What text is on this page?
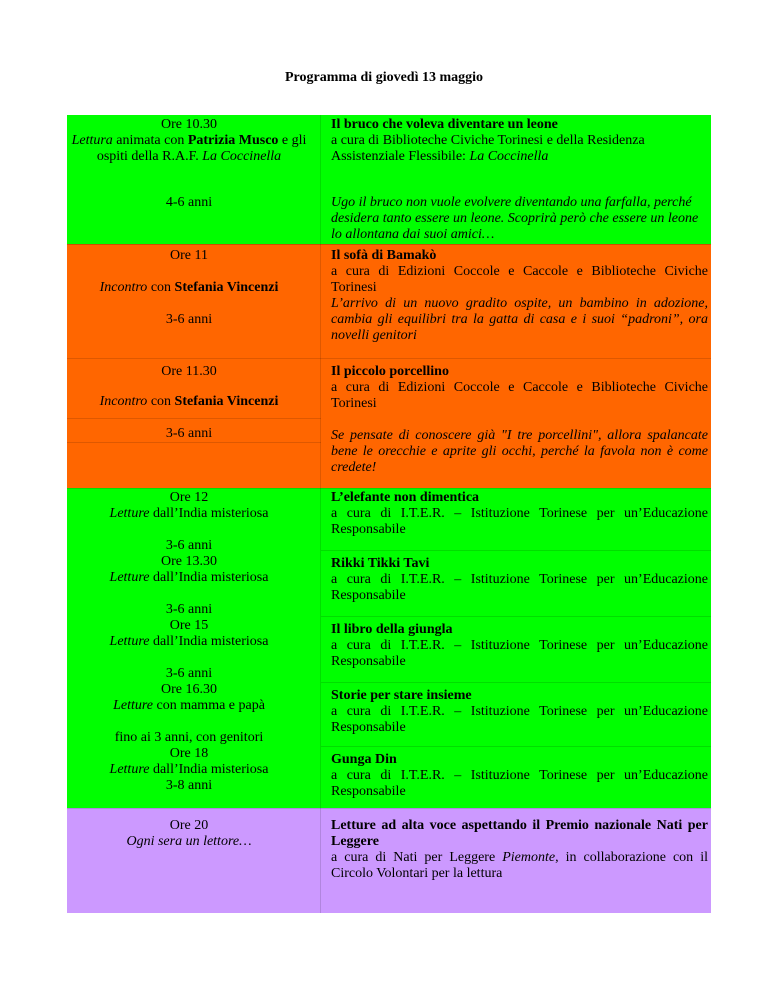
Programma di giovedì 13 maggio
Ore 10.30
Lettura animata con Patrizia Musco e gli ospiti della R.A.F. La Coccinella
4-6 anni
Il bruco che voleva diventare un leone
a cura di Biblioteche Civiche Torinesi e della Residenza Assistenziale Flessibile: La Coccinella
Ugo il bruco non vuole evolvere diventando una farfalla, perché desidera tanto essere un leone. Scoprirà però che essere un leone lo allontana dai suoi amici…
Ore 11
Incontro con Stefania Vincenzi
3-6 anni
Il sofà di Bamakò
a cura di Edizioni Coccole e Caccole e Biblioteche Civiche Torinesi
L’arrivo di un nuovo gradito ospite, un bambino in adozione, cambia gli equilibri tra la gatta di casa e i suoi “padroni”, ora novelli genitori
Ore 11.30
Incontro con Stefania Vincenzi
3-6 anni
Il piccolo porcellino
a cura di Edizioni Coccole e Caccole e Biblioteche Civiche Torinesi
Se pensate di conoscere già "I tre porcellini", allora spalancate bene le orecchie e aprite gli occhi, perché la favola non è come credete!
Ore 12
Letture dall’India misteriosa

3-6 anni
Ore 13.30
Letture dall’India misteriosa

3-6 anni
Ore 15
Letture dall’India misteriosa

3-6 anni
Ore 16.30
Letture con mamma e papà

fino ai 3 anni, con genitori
Ore 18
Letture dall’India misteriosa
3-8 anni
L’elefante non dimentica
a cura di I.T.E.R. – Istituzione Torinese per un’Educazione Responsabile
Rikki Tikki Tavi
a cura di I.T.E.R. – Istituzione Torinese per un’Educazione Responsabile
Il libro della giungla
a cura di I.T.E.R. – Istituzione Torinese per un’Educazione Responsabile
Storie per stare insieme
a cura di I.T.E.R. – Istituzione Torinese per un’Educazione Responsabile
Gunga Din
a cura di I.T.E.R. – Istituzione Torinese per un’Educazione Responsabile
Ore 20
Ogni sera un lettore…
Letture ad alta voce aspettando il Premio nazionale Nati per Leggere
a cura di Nati per Leggere Piemonte, in collaborazione con il Circolo Volontari per la lettura
